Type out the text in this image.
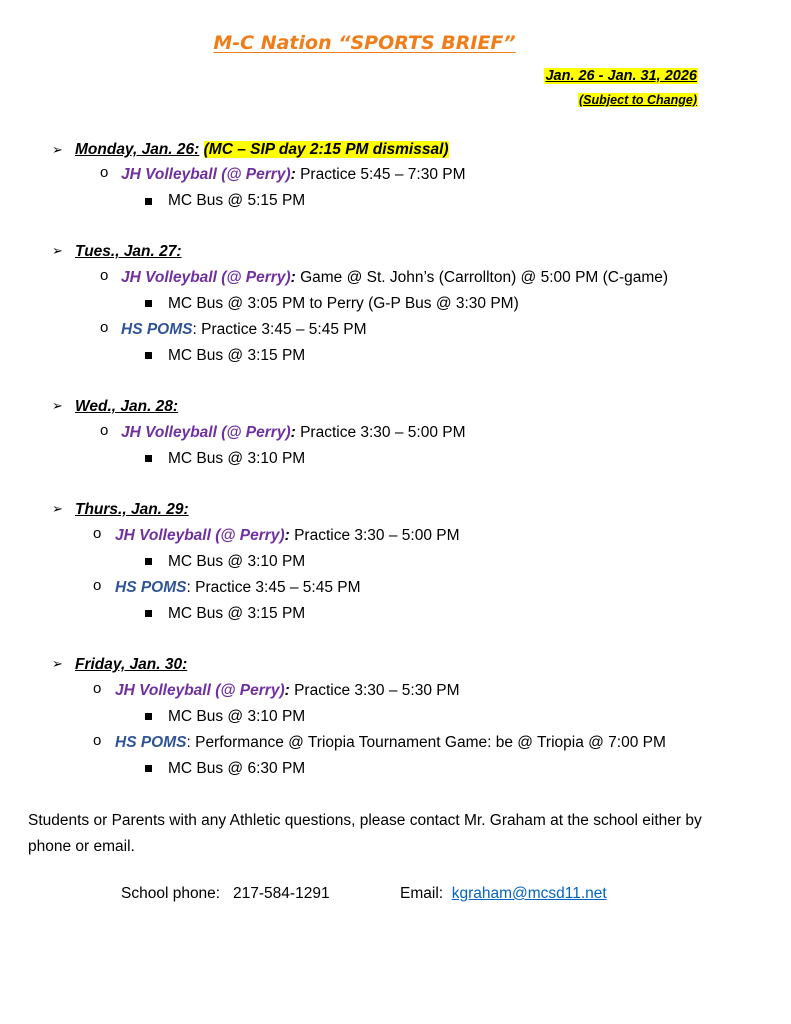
M-C Nation “SPORTS BRIEF”
Jan. 26 - Jan. 31, 2026
(Subject to Change)
➢ Monday, Jan. 26: (MC – SIP day 2:15 PM dismissal)
o JH Volleyball (@ Perry): Practice 5:45 – 7:30 PM
MC Bus @ 5:15 PM
➢ Tues., Jan. 27:
o JH Volleyball (@ Perry): Game @ St. John’s (Carrollton) @ 5:00 PM (C-game)
MC Bus @ 3:05 PM to Perry (G-P Bus @ 3:30 PM)
o HS POMS: Practice 3:45 – 5:45 PM
MC Bus @ 3:15 PM
➢ Wed., Jan. 28:
o JH Volleyball (@ Perry): Practice 3:30 – 5:00 PM
MC Bus @ 3:10 PM
➢ Thurs., Jan. 29:
o JH Volleyball (@ Perry): Practice 3:30 – 5:00 PM
MC Bus @ 3:10 PM
o HS POMS: Practice 3:45 – 5:45 PM
MC Bus @ 3:15 PM
➢ Friday, Jan. 30:
o JH Volleyball (@ Perry): Practice 3:30 – 5:30 PM
MC Bus @ 3:10 PM
o HS POMS: Performance @ Triopia Tournament Game: be @ Triopia @ 7:00 PM
MC Bus @ 6:30 PM
Students or Parents with any Athletic questions, please contact Mr. Graham at the school either by phone or email.
School phone: 217-584-1291	Email: kgraham@mcsd11.net
